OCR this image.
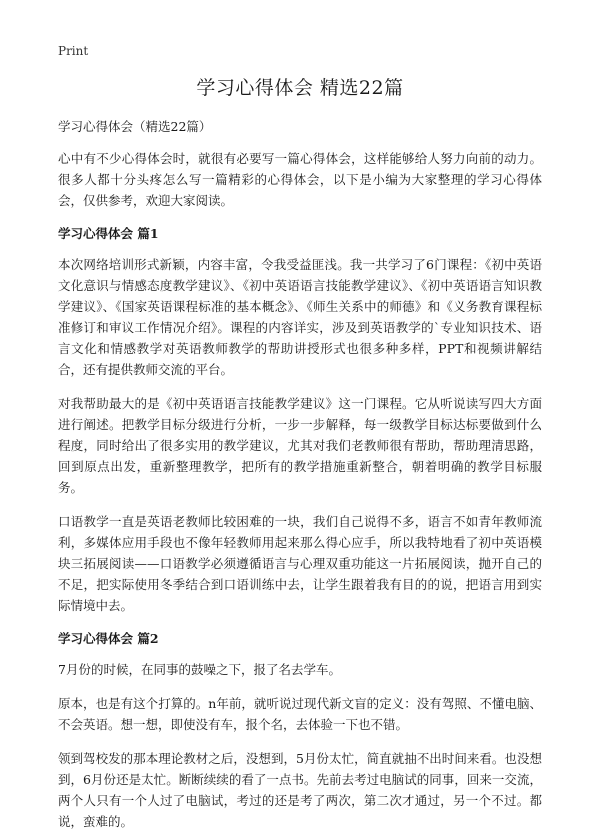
Print
学习心得体会 精选22篇

学习心得体会（精选22篇）

心中有不少心得体会时，就很有必要写一篇心得体会，这样能够给人努力向前的动力。很多人都十分头疼怎么写一篇精彩的心得体会，以下是小编为大家整理的学习心得体会，仅供参考，欢迎大家阅读。

学习心得体会 篇1

本次网络培训形式新颖，内容丰富，令我受益匪浅。我一共学习了6门课程：《初中英语文化意识与情感态度教学建议》、《初中英语语言技能教学建议》、《初中英语语言知识教学建议》、《国家英语课程标准的基本概念》、《师生关系中的师德》和《义务教育课程标准修订和审议工作情况介绍》。课程的内容详实，涉及到英语教学的`专业知识技术、语言文化和情感教学对英语教师教学的帮助讲授形式也很多种多样，PPT和视频讲解结合，还有提供教师交流的平台。

对我帮助最大的是《初中英语语言技能教学建议》这一门课程。它从听说读写四大方面进行阐述。把教学目标分级进行分析，一步一步解释，每一级教学目标达标要做到什么程度，同时给出了很多实用的教学建议，尤其对我们老教师很有帮助，帮助理清思路，回到原点出发，重新整理教学，把所有的教学措施重新整合，朝着明确的教学目标服务。

口语教学一直是英语老教师比较困难的一块，我们自己说得不多，语言不如青年教师流利，多媒体应用手段也不像年轻教师用起来那么得心应手，所以我特地看了初中英语模块三拓展阅读——口语教学必须遵循语言与心理双重功能这一片拓展阅读，抛开自己的不足，把实际使用冬季结合到口语训练中去，让学生跟着我有目的的说，把语言用到实际情境中去。

学习心得体会 篇2

7月份的时候，在同事的鼓噪之下，报了名去学车。

原本，也是有这个打算的。n年前，就听说过现代新文盲的定义：没有驾照、不懂电脑、不会英语。想一想，即使没有车，报个名，去体验一下也不错。

领到驾校发的那本理论教材之后，没想到，5月份太忙，简直就抽不出时间来看。也没想到，6月份还是太忙。断断续续的看了一点书。先前去考过电脑试的同事，回来一交流，两个人只有一个人过了电脑试，考过的还是考了两次，第二次才通过，另一个不过。都说，蛮难的。
